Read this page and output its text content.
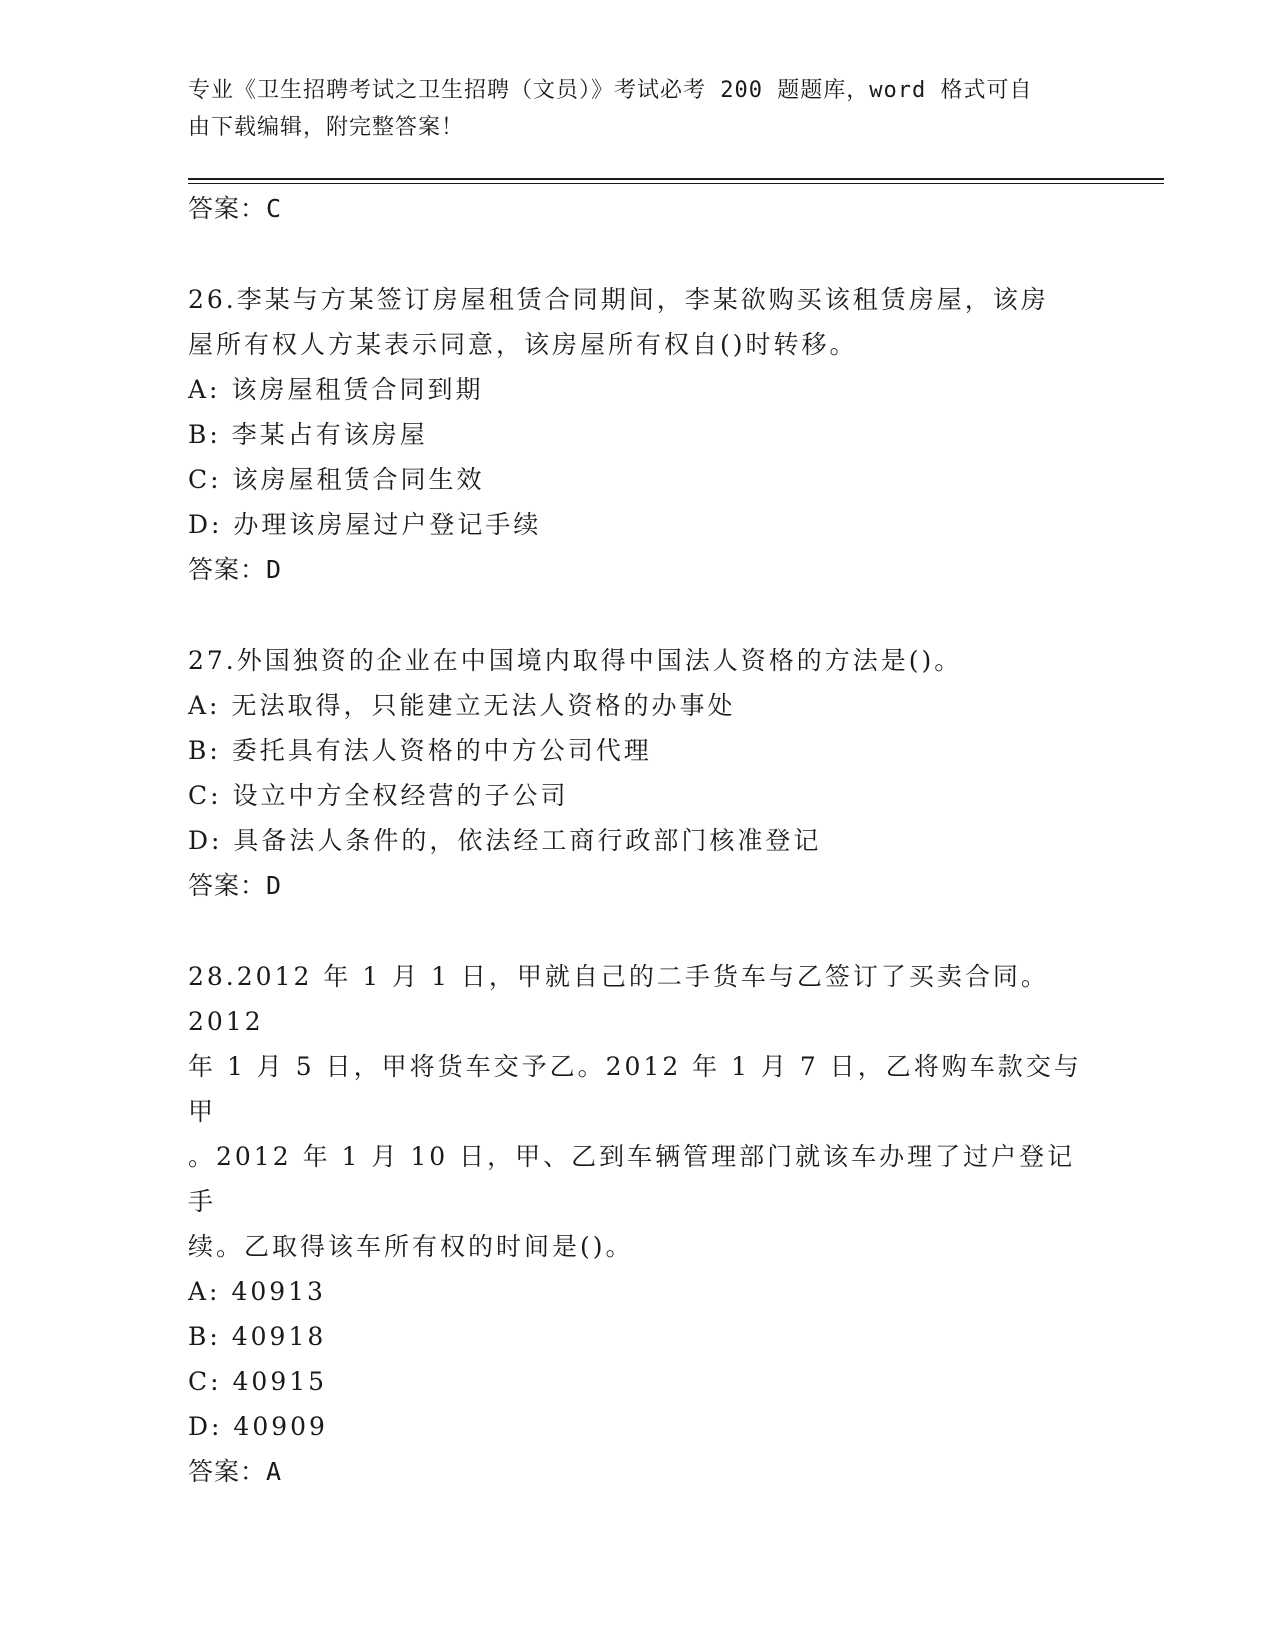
专业《卫生招聘考试之卫生招聘（文员）》考试必考 200 题题库，word 格式可自
由下载编辑，附完整答案！

答案：C

26.李某与方某签订房屋租赁合同期间，李某欲购买该租赁房屋，该房

屋所有权人方某表示同意，该房屋所有权自()时转移。

A: 该房屋租赁合同到期

B: 李某占有该房屋

C: 该房屋租赁合同生效

D: 办理该房屋过户登记手续

答案：D

27.外国独资的企业在中国境内取得中国法人资格的方法是()。

A: 无法取得，只能建立无法人资格的办事处

B: 委托具有法人资格的中方公司代理

C: 设立中方全权经营的子公司

D: 具备法人条件的，依法经工商行政部门核准登记

答案：D

28.2012 年 1 月 1 日，甲就自己的二手货车与乙签订了买卖合同。2012

年 1 月 5 日，甲将货车交予乙。2012 年 1 月 7 日，乙将购车款交与甲

。2012 年 1 月 10 日，甲、乙到车辆管理部门就该车办理了过户登记手

续。乙取得该车所有权的时间是()。

A: 40913

B: 40918

C: 40915

D: 40909

答案：A
